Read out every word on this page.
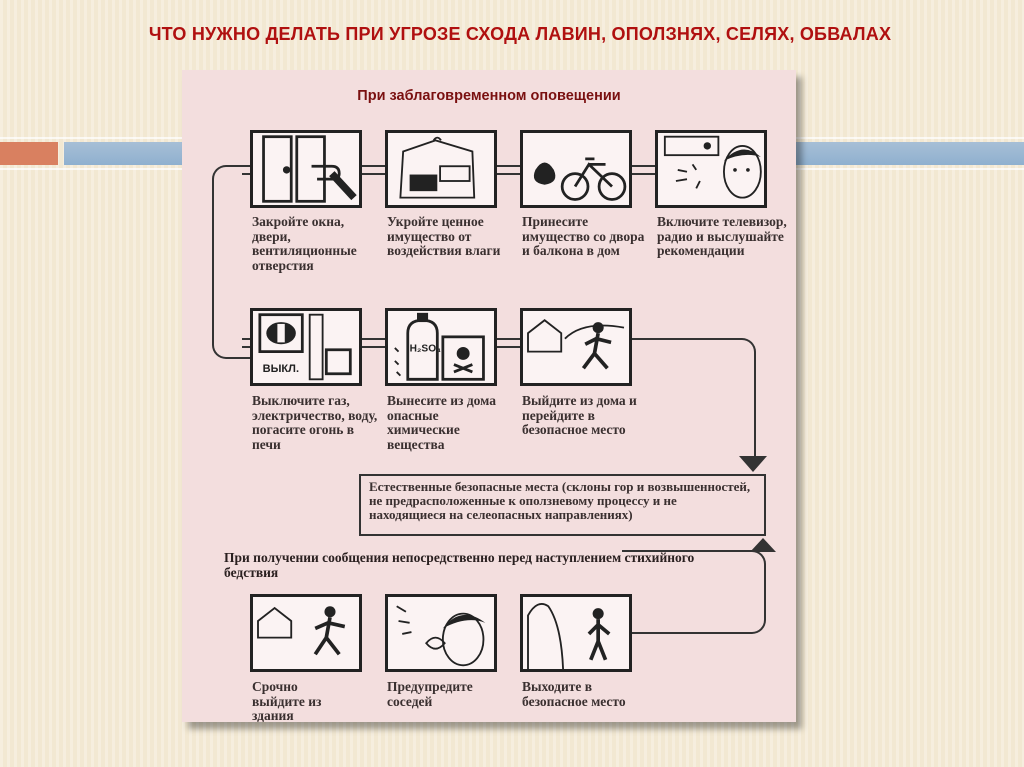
ЧТО НУЖНО ДЕЛАТЬ ПРИ УГРОЗЕ СХОДА ЛАВИН, ОПОЛЗНЯХ, СЕЛЯХ, ОБВАЛАХ
При заблаговременном оповещении
Закройте окна, двери, вентиляционные отверстия
Укройте ценное имущество от воздействия влаги
Принесите имущество со двора и балкона в дом
Включите телевизор, радио и выслушайте рекомендации
ВЫКЛ.
H₂SO₄
Выключите газ, электричество, воду, погасите огонь в печи
Вынесите из дома опасные химические вещества
Выйдите из дома и перейдите в безопасное место
Естественные безопасные места (склоны гор и возвышенностей, не предрасположенные к оползневому процессу и не находящиеся на селеопасных направлениях)
При получении сообщения непосредственно перед наступлением стихийного бедствия
Срочно выйдите из здания
Предупредите соседей
Выходите в безопасное место
